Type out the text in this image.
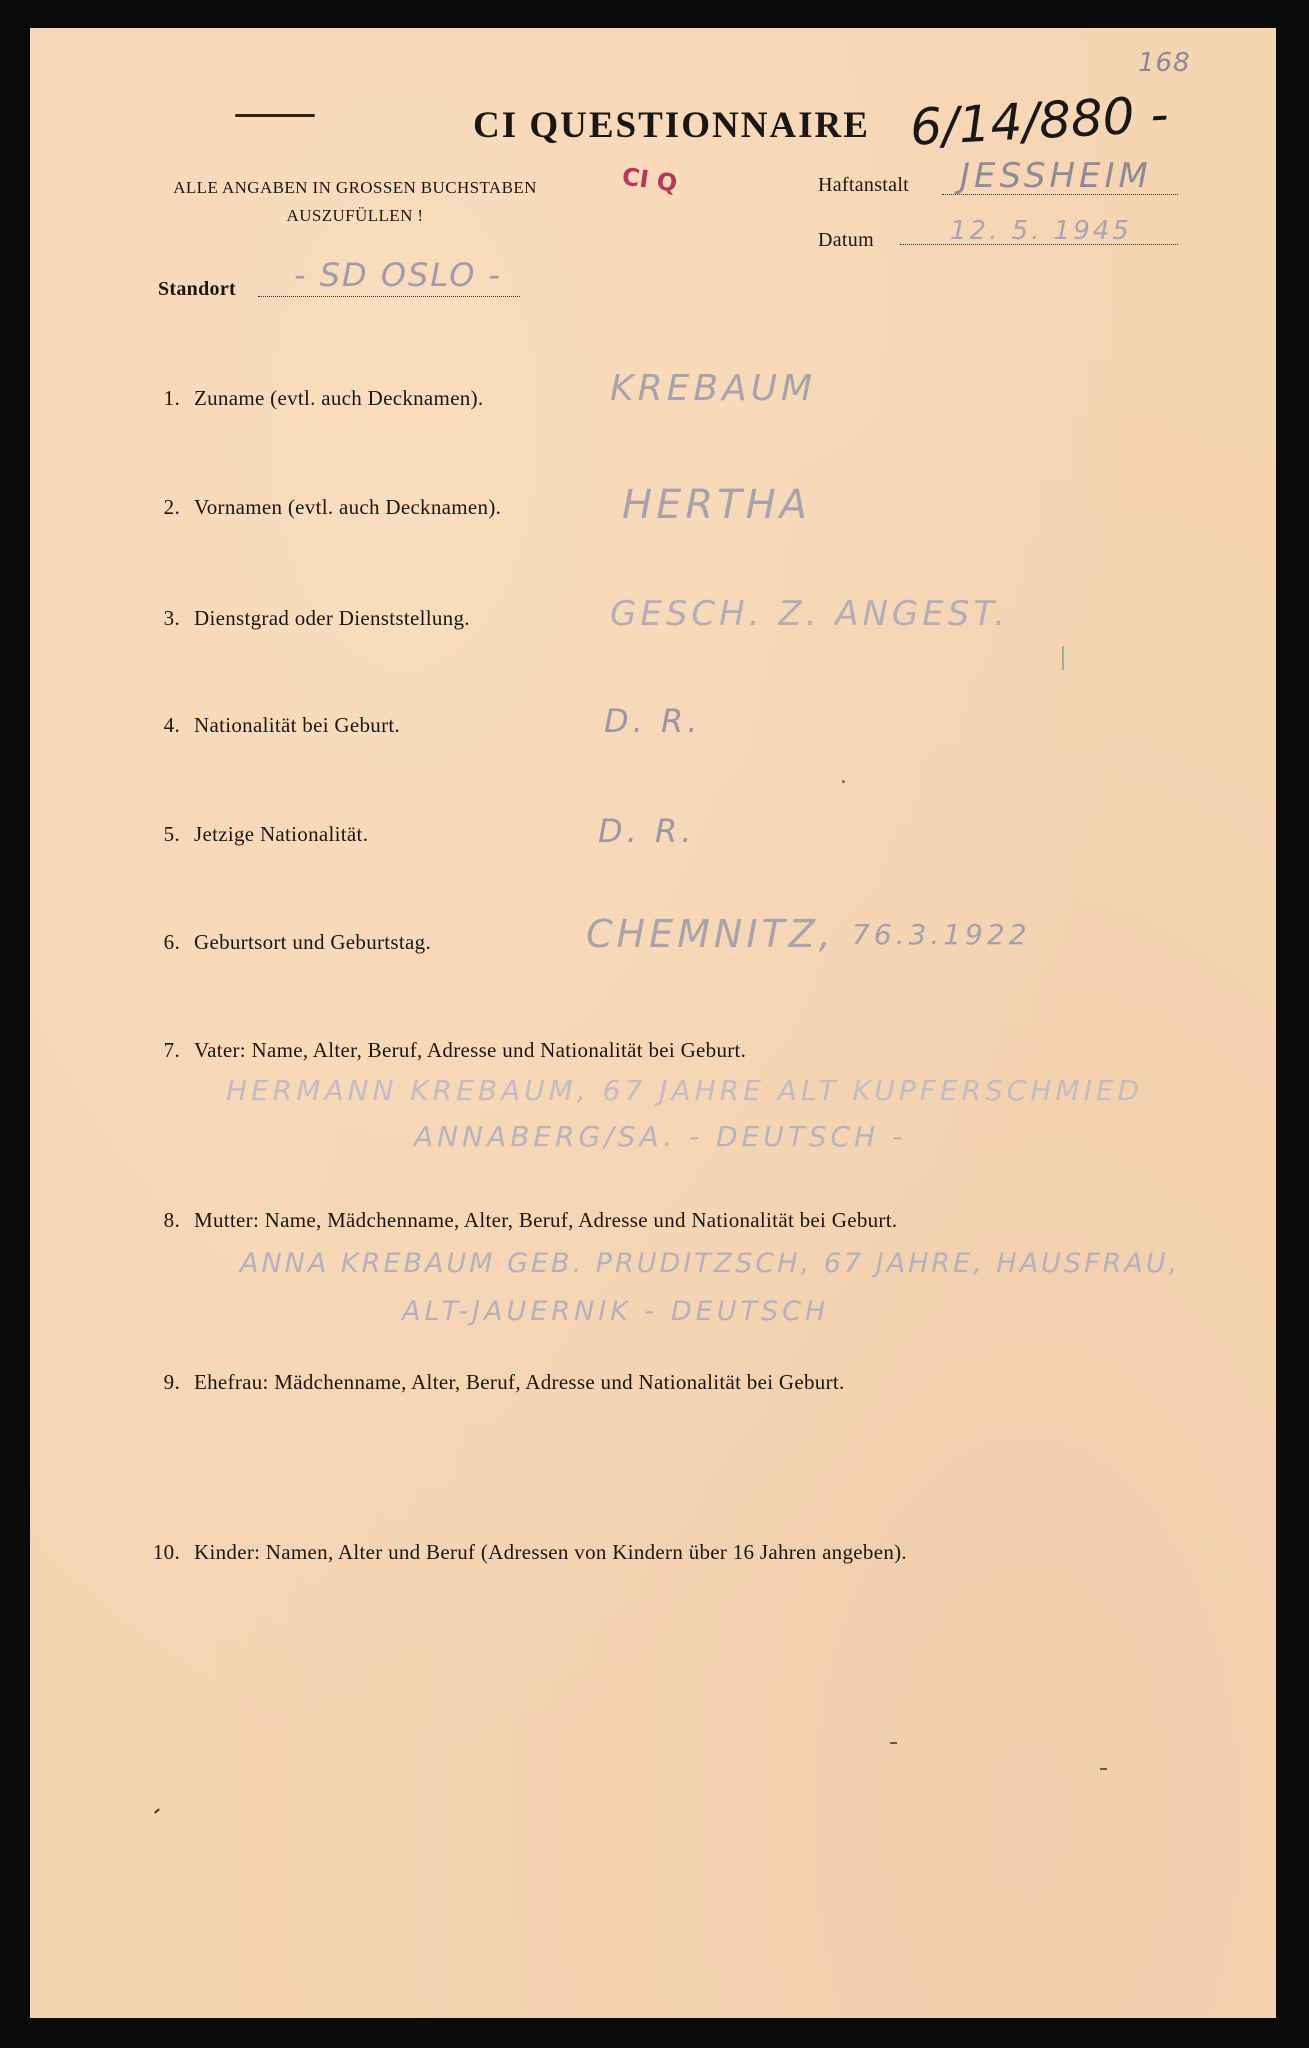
CI QUESTIONNAIRE 6/14/880 -
168
CI Q
ALLE ANGABEN IN GROSSEN BUCHSTABEN
AUSZUFÜLLEN !
Haftanstalt JESSHEIM
Datum	12. 5. 1945
Standort - SD OSLO -
1. Zuname (evtl. auch Decknamen).	KREBAUM
2. Vornamen (evtl. auch Decknamen).	HERTHA
3. Dienstgrad oder Dienststellung.	GESCH. Z. ANGEST.
4. Nationalität bei Geburt.	D. R.
5. Jetzige Nationalität.	D. R.
6. Geburtsort und Geburtstag.	CHEMNITZ, 76.3.1922
7. Vater: Name, Alter, Beruf, Adresse und Nationalität bei Geburt.
HERMANN KREBAUM, 67 JAHRE ALT KUPFERSCHMIED
ANNABERG/SA. - DEUTSCH -
8. Mutter: Name, Mädchenname, Alter, Beruf, Adresse und Nationalität bei Geburt.
ANNA KREBAUM GEB. PRUDITZSCH, 67 JAHRE, HAUSFRAU,
ALT-JAUERNIK - DEUTSCH
9. Ehefrau: Mädchenname, Alter, Beruf, Adresse und Nationalität bei Geburt.
10. Kinder: Namen, Alter und Beruf (Adressen von Kindern über 16 Jahren angeben).
